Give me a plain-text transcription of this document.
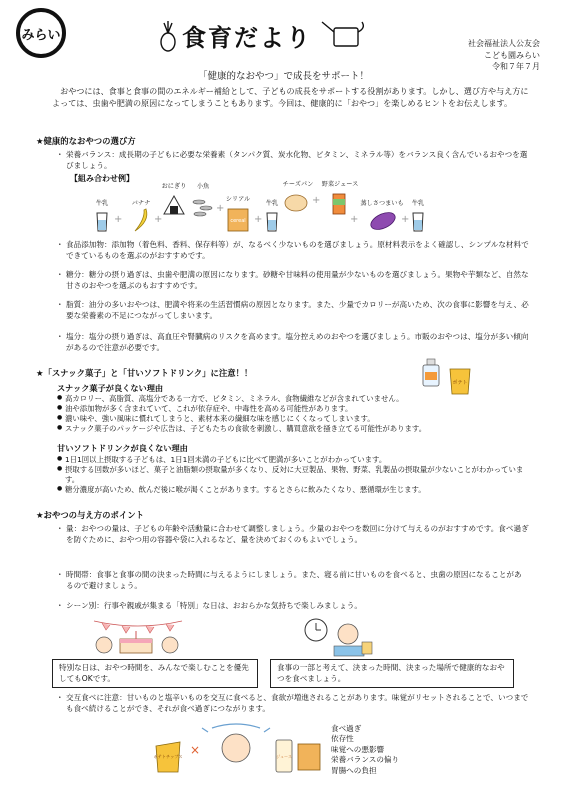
みらい	食育だより	社会福祉法人公友会
こども園みらい
令和７年７月
「健康的なおやつ」で成長をサポート！
おやつには、食事と食事の間のエネルギー補給として、子どもの成長をサポートする役割があります。しかし、選び方や与え方によっては、虫歯や肥満の原因になってしまうこともあります。今回は、健康的に「おやつ」を楽しめるヒントをお伝えします。
★健康的なおやつの選び方
・ 栄養バランス：成長期の子どもに必要な栄養素（タンパク質、炭水化物、ビタミン、ミネラル等）をバランス良く含んでいるおやつを選びましょう。
【組み合わせ例】
牛乳
+
バナナ
+
おにぎり	小魚
+
シリアル
cereal +
牛乳
チーズパン
+
野菜ジュース
+
蒸しさつまいも
+
牛乳
・ 食品添加物：添加物（着色料、香料、保存料等）が、なるべく少ないものを選びましょう。原材料表示をよく確認し、シンプルな材料でできているものを選ぶのがおすすめです。
・ 糖分：糖分の摂り過ぎは、虫歯や肥満の原因になります。砂糖や甘味料の使用量が少ないものを選びましょう。果物や芋類など、自然な甘さのおやつを選ぶのもおすすめです。
・ 脂質：油分の多いおやつは、肥満や将来の生活習慣病の原因となります。また、少量でカロリーが高いため、次の食事に影響を与え、必要な栄養素の不足につながってしまいます。
・ 塩分：塩分の摂り過ぎは、高血圧や腎臓病のリスクを高めます。塩分控えめのおやつを選びましょう。市販のおやつは、塩分が多い傾向があるので注意が必要です。
★「スナック菓子」と「甘いソフトドリンク」に注意！！
ポテト
スナック菓子が良くない理由
● 高カロリー、高脂質、高塩分である一方で、ビタミン、ミネラル、食物繊維などが含まれていません。
● 油や添加物が多く含まれていて、これが依存症や、中毒性を高める可能性があります。
● 濃い味や、強い風味に慣れてしまうと、素材本来の繊細な味を感じにくくなってしまいます。
● スナック菓子のパッケージや広告は、子どもたちの食欲を刺激し、購買意欲を掻き立てる可能性があります。
甘いソフトドリンクが良くない理由
● 1日1回以上摂取する子どもは、1日1回未満の子どもに比べて肥満が多いことがわかっています。
● 摂取する回数が多いほど、菓子と油脂類の摂取量が多くなり、反対に大豆製品、果物、野菜、乳製品の摂取量が少ないことがわかっています。
● 糖分濃度が高いため、飲んだ後に喉が渇くことがあります。するとさらに飲みたくなり、悪循環が生じます。
★おやつの与え方のポイント
・ 量：おやつの量は、子どもの年齢や活動量に合わせて調整しましょう。少量のおやつを数回に分けて与えるのがおすすめです。食べ過ぎを防ぐために、おやつ用の容器や袋に入れるなど、量を決めておくのもよいでしょう。
・ 時間帯：食事と食事の間の決まった時間に与えるようにしましょう。また、寝る前に甘いものを食べると、虫歯の原因になることがあるので避けましょう。
・ シーン別：行事や親戚が集まる「特別」な日は、おおらかな気持ちで楽しみましょう。
特別な日は、おやつ時間を、みんなで楽しむことを優先してもOKです。
食事の一部と考えて、決まった時間、決まった場所で健康的なおやつを食べましょう。
・ 交互食べに注意：甘いものと塩辛いものを交互に食べると、食欲が増進されることがあります。味覚がリセットされることで、いつまでも食べ続けることができ、それが食べ過ぎにつながります。
ポテトチップス ×	ジュース
食べ過ぎ
依存性
味覚への悪影響
栄養バランスの偏り
胃腸への負担
